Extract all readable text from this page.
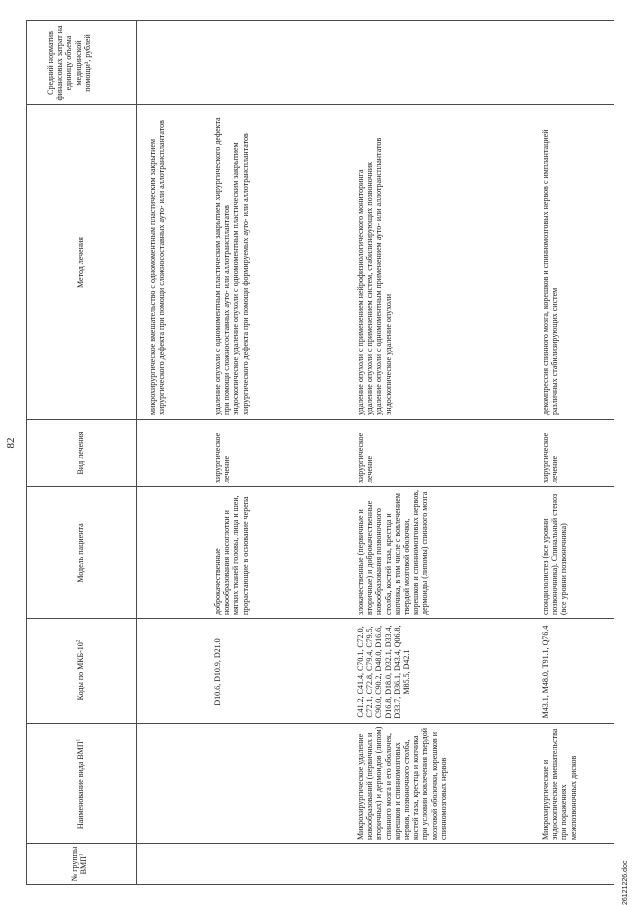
82
№ группы ВМП$^1$
Наименование вида ВМП$^1$
Коды по МКБ-$10^2$
Модель пациента
Вид лечения
Метод лечения
Средний норматив финансовых затрат на единицу объема медицинской помощи³, рублей
микрохирургическое вмешательство с одномоментным пластическим закрытием хирургического дефекта при помощи сложносоставных ауто- или аллотрансплантатов
D10.6, D10.9, D21.0
доброкачественные новообразования носоглотки и мягких тканей головы, лица и шеи, прорастающие в основание черепа
хирургическое лечение
удаление опухоли с одномоментным пластическим закрытием хирургического дефекта при помощи сложносоставных ауто- или аллотрансплантатов
эндоскопическое удаление опухоли с одномоментным пластическим закрытием хирургического дефекта при помощи формируемых ауто- или аллотрансплантатов
Микрохирургическое удаление новообразований (первичных и вторичных) и дермоидов (липом) спинного мозга и его оболочек, корешков и спинномозговых нервов, позвоночного столба, костей таза, крестца и копчика при условии вовлечения твердой мозговой оболочки, корешков и спинномозговых нервов
C41.2, C41.4, C70.1, C72.0, C72.1, C72.8, C79.4, C79.5, C90.0, C90.2, D48.0, D16.6, D16.8, D18.0, D32.1, D33.4, D33.7, D36.1, D43.4, Q06.8, M85.5, D42.1
злокачественные (первичные и вторичные) и доброкачественные новообразования позвоночного столба, костей таза, крестца и копчика, в том числе с вовлечением твердой мозговой оболочки, корешков и спинномозговых нервов, дермоиды (липомы) спинного мозга
хирургическое лечение
удаление опухоли с применением нейрофизиологического мониторинга
удаление опухоли с применением систем, стабилизирующих позвоночник
удаление опухоли с одномоментным применением ауто- или аллотрансплантатов
эндоскопическое удаление опухоли
Микрохирургические и эндоскопические вмешательства при поражениях межпозвоночных дисков
M43.1, M48.0, T91.1, Q76.4
спондилолистез (все уровни позвоночника). Спинальный стеноз (все уровни позвоночника)
хирургическое лечение
декомпрессия спинного мозга, корешков и спинномозговых нервов с имплантацией различных стабилизирующих систем
26121226.doc
